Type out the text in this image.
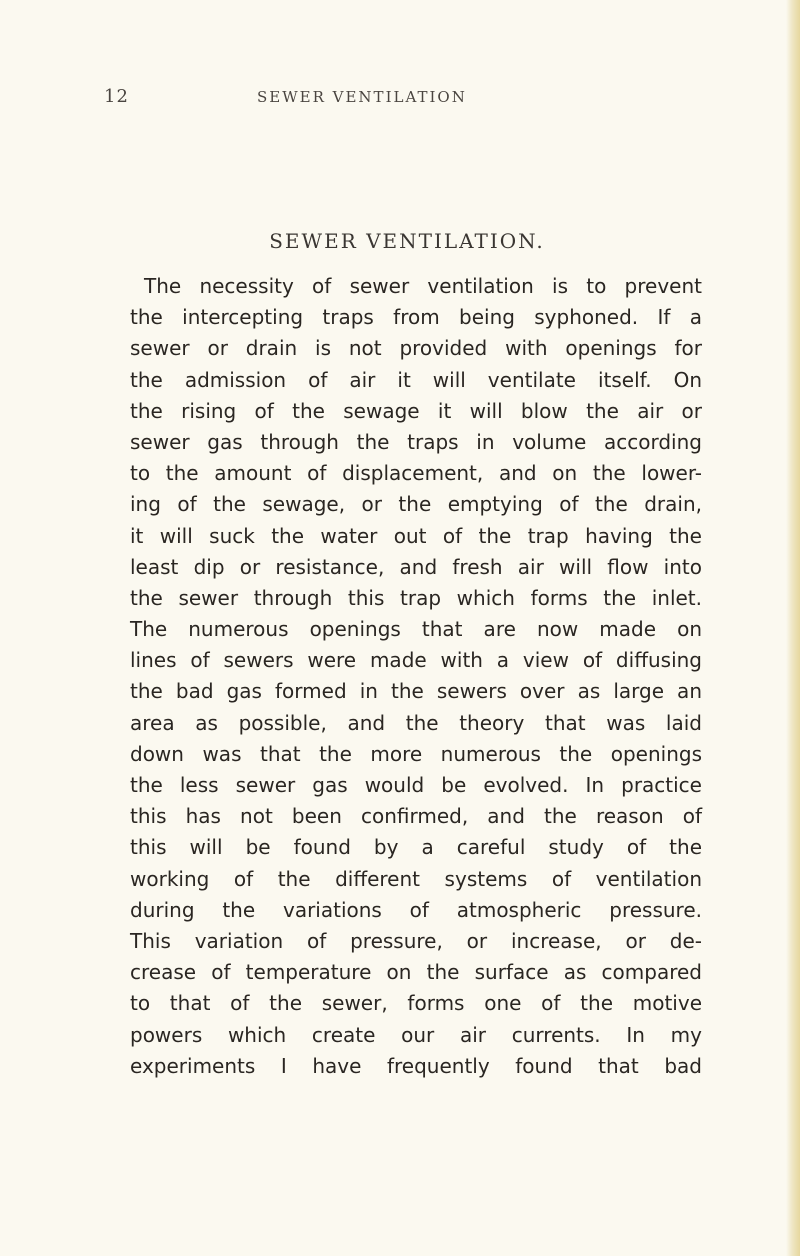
12	SEWER VENTILATION
SEWER VENTILATION.
The necessity of sewer ventilation is to prevent
the intercepting traps from being syphoned. If a
sewer or drain is not provided with openings for
the admission of air it will ventilate itself. On
the rising of the sewage it will blow the air or
sewer gas through the traps in volume according
to the amount of displacement, and on the lower-
ing of the sewage, or the emptying of the drain,
it will suck the water out of the trap having the
least dip or resistance, and fresh air will flow into
the sewer through this trap which forms the inlet.
The numerous openings that are now made on
lines of sewers were made with a view of diffusing
the bad gas formed in the sewers over as large an
area as possible, and the theory that was laid
down was that the more numerous the openings
the less sewer gas would be evolved. In practice
this has not been confirmed, and the reason of
this will be found by a careful study of the
working of the different systems of ventilation
during the variations of atmospheric pressure.
This variation of pressure, or increase, or de-
crease of temperature on the surface as compared
to that of the sewer, forms one of the motive
powers which create our air currents. In my
experiments I have frequently found that bad
